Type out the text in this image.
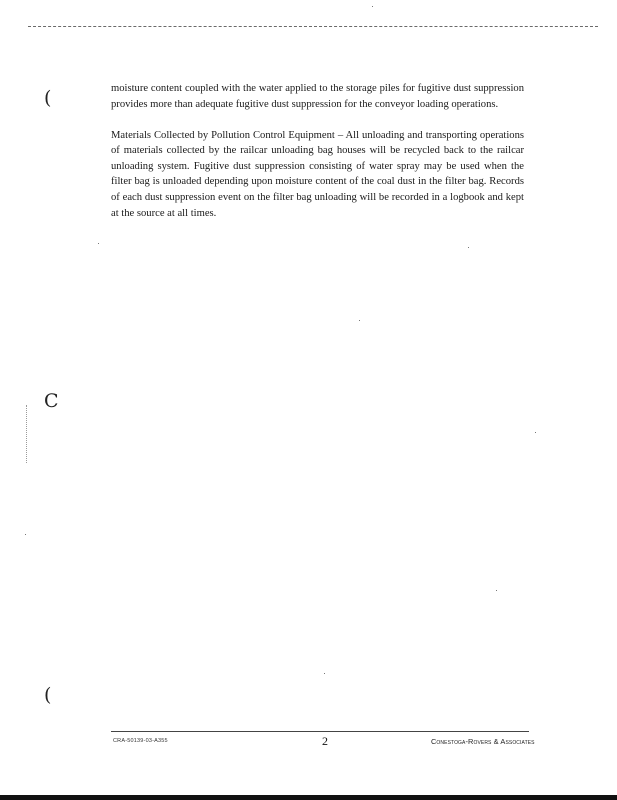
(
C
(

moisture content coupled with the water applied to the storage piles for fugitive dust suppression provides more than adequate fugitive dust suppression for the conveyor loading operations.

Materials Collected by Pollution Control Equipment – All unloading and transporting operations of materials collected by the railcar unloading bag houses will be recycled back to the railcar unloading system. Fugitive dust suppression consisting of water spray may be used when the filter bag is unloaded depending upon moisture content of the coal dust in the filter bag. Records of each dust suppression event on the filter bag unloading will be recorded in a logbook and kept at the source at all times.

CRA-50139-03-A355	2	Conestoga-Rovers & Associates
